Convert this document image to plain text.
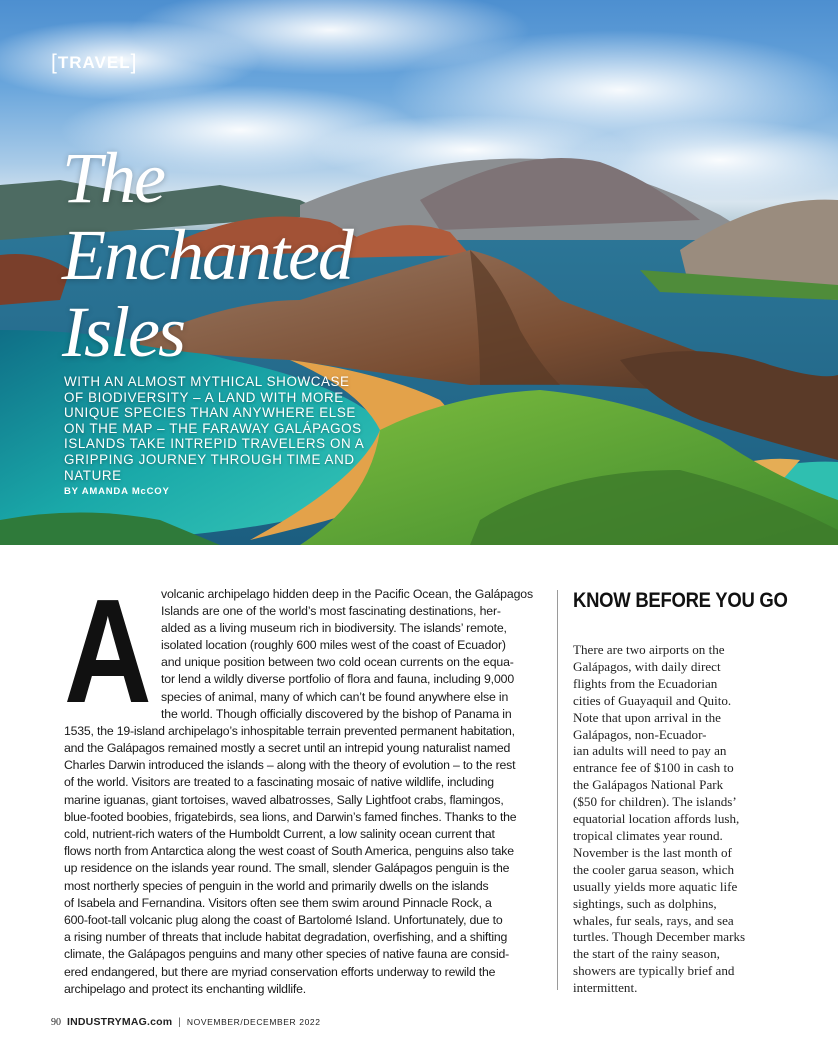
[TRAVEL]
The
Enchanted
Isles

WITH AN ALMOST MYTHICAL SHOWCASE OF BIODIVERSITY – A LAND WITH MORE UNIQUE SPECIES THAN ANYWHERE ELSE ON THE MAP – THE FARAWAY GALÁPAGOS ISLANDS TAKE INTREPID TRAVELERS ON A GRIPPING JOURNEY THROUGH TIME AND NATURE

BY AMANDA McCOY

A volcanic archipelago hidden deep in the Pacific Ocean, the Galápagos
Islands are one of the world’s most fascinating destinations, her-
alded as a living museum rich in biodiversity. The islands’ remote,
isolated location (roughly 600 miles west of the coast of Ecuador)
and unique position between two cold ocean currents on the equa-
tor lend a wildly diverse portfolio of flora and fauna, including 9,000
species of animal, many of which can’t be found anywhere else in
the world. Though officially discovered by the bishop of Panama in

1535, the 19-island archipelago’s inhospitable terrain prevented permanent habitation,
and the Galápagos remained mostly a secret until an intrepid young naturalist named
Charles Darwin introduced the islands – along with the theory of evolution – to the rest
of the world. Visitors are treated to a fascinating mosaic of native wildlife, including
marine iguanas, giant tortoises, waved albatrosses, Sally Lightfoot crabs, flamingos,
blue-footed boobies, frigatebirds, sea lions, and Darwin’s famed finches. Thanks to the
cold, nutrient-rich waters of the Humboldt Current, a low salinity ocean current that
flows north from Antarctica along the west coast of South America, penguins also take
up residence on the islands year round. The small, slender Galápagos penguin is the
most northerly species of penguin in the world and primarily dwells on the islands
of Isabela and Fernandina. Visitors often see them swim around Pinnacle Rock, a
600-foot-tall volcanic plug along the coast of Bartolomé Island. Unfortunately, due to
a rising number of threats that include habitat degradation, overfishing, and a shifting
climate, the Galápagos penguins and many other species of native fauna are consid-
ered endangered, but there are myriad conservation efforts underway to rewild the
archipelago and protect its enchanting wildlife.

KNOW BEFORE YOU GO

There are two airports on the
Galápagos, with daily direct
flights from the Ecuadorian
cities of Guayaquil and Quito.
Note that upon arrival in the
Galápagos, non-Ecuador-
ian adults will need to pay an
entrance fee of $100 in cash to
the Galápagos National Park
($50 for children). The islands’
equatorial location affords lush,
tropical climates year round.
November is the last month of
the cooler garua season, which
usually yields more aquatic life
sightings, such as dolphins,
whales, fur seals, rays, and sea
turtles. Though December marks
the start of the rainy season,
showers are typically brief and
intermittent.

90 INDUSTRYMAG.com | NOVEMBER/DECEMBER 2022
